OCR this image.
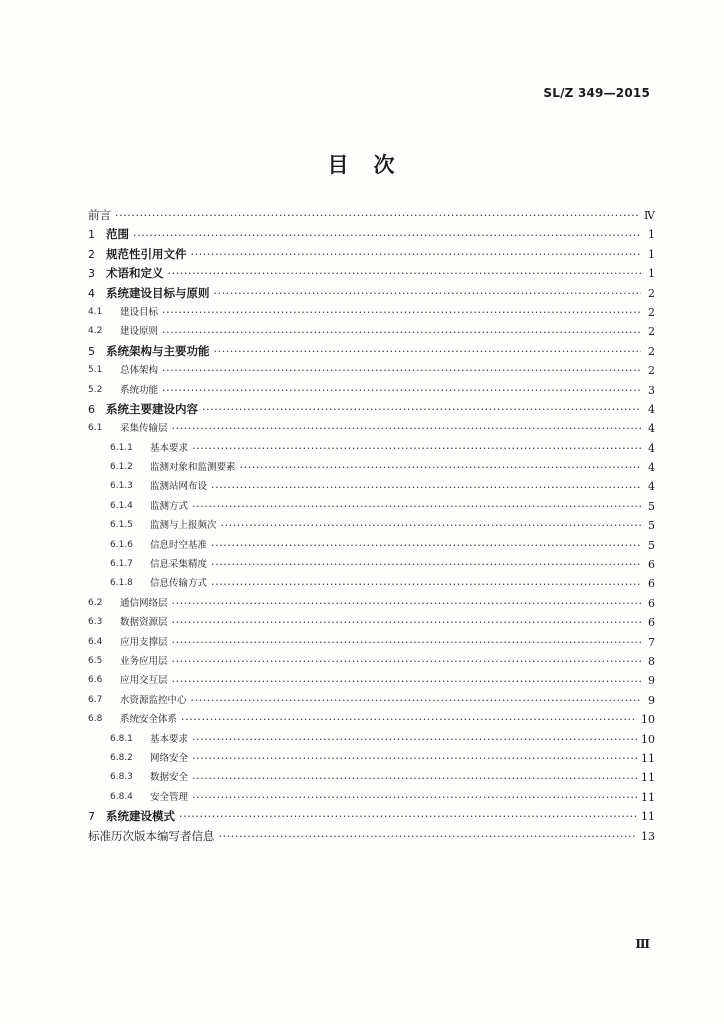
SL/Z 349—2015
目　次
前言 ·····	Ⅳ
1 范围 ·····	1
2 规范性引用文件 ·····	1
3 术语和定义 ·····	1
4 系统建设目标与原则 ·····	2
4.1	建设目标 ·····	2
4.2	建设原则 ·····	2
5 系统架构与主要功能 ·····	2
5.1	总体架构 ·····	2
5.2	系统功能 ·····	3
6 系统主要建设内容 ·····	4
6.1	采集传输层 ·····	4
6.1.1	基本要求 ·····	4
6.1.2	监测对象和监测要素 ·····	4
6.1.3	监测站网布设 ·····	4
6.1.4	监测方式 ·····	5
6.1.5	监测与上报频次 ·····	5
6.1.6	信息时空基准 ·····	5
6.1.7	信息采集精度 ·····	6
6.1.8	信息传输方式 ·····	6
6.2	通信网络层 ·····	6
6.3	数据资源层 ·····	6
6.4	应用支撑层 ·····	7
6.5	业务应用层 ·····	8
6.6	应用交互层 ·····	9
6.7	水资源监控中心 ·····	9
6.8	系统安全体系 ·····	10
6.8.1	基本要求 ·····	10
6.8.2	网络安全 ·····	11
6.8.3	数据安全 ·····	11
6.8.4	安全管理 ·····	11
7 系统建设模式 ·····	11
标准历次版本编写者信息 ·····	13
Ⅲ
